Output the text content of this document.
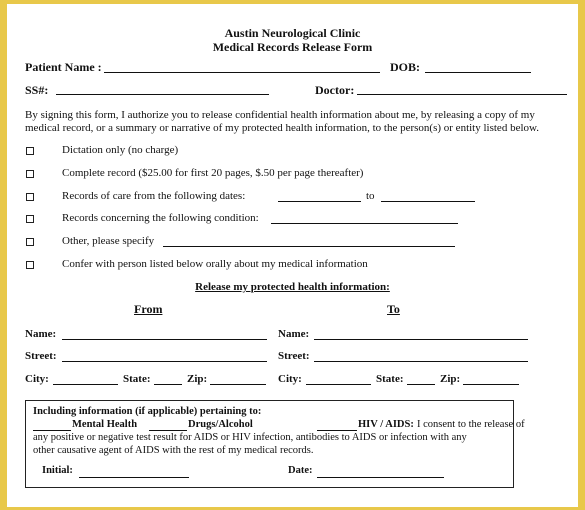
Austin Neurological Clinic
Medical Records Release Form
Patient Name :	DOB:
SS#:	Doctor:
By signing this form, I authorize you to release confidential health information about me, by releasing a copy of my
medical record, or a summary or narrative of my protected health information, to the person(s) or entity listed below.
Dictation only (no charge)
Complete record ($25.00 for first 20 pages, $.50 per page thereafter)
Records of care from the following dates:	to
Records concerning the following condition:
Other, please specify
Confer with person listed below orally about my medical information
Release my protected health information:
From	To
Name:
Street:
City:	State:	Zip:
Name:
Street:
City:	State:	Zip:
Including information (if applicable) pertaining to:
Mental Health	Drugs/Alcohol	HIV / AIDS: I consent to the release of
any positive or negative test result for AIDS or HIV infection, antibodies to AIDS or infection with any
other causative agent of AIDS with the rest of my medical records.
Initial:	Date:
